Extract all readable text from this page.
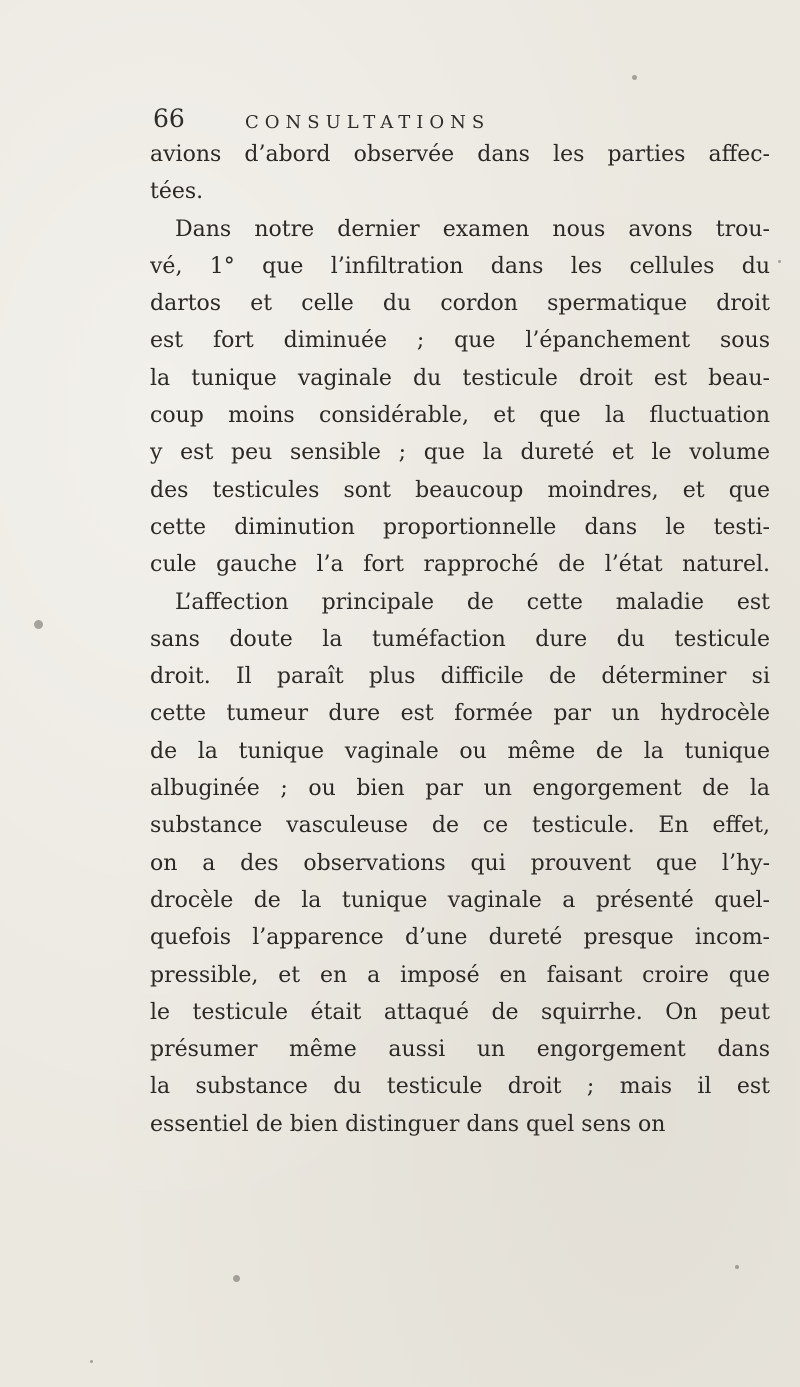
66	CONSULTATIONS
avions d’abord observée dans les parties affec-
tées.
Dans notre dernier examen nous avons trou-
vé, 1° que l’infiltration dans les cellules du
dartos et celle du cordon spermatique droit
est fort diminuée ; que l’épanchement sous
la tunique vaginale du testicule droit est beau-
coup moins considérable, et que la fluctuation
y est peu sensible ; que la dureté et le volume
des testicules sont beaucoup moindres, et que
cette diminution proportionnelle dans le testi-
cule gauche l’a fort rapproché de l’état naturel.
L’affection principale de cette maladie est
sans doute la tuméfaction dure du testicule
droit. Il paraît plus difficile de déterminer si
cette tumeur dure est formée par un hydrocèle
de la tunique vaginale ou même de la tunique
albuginée ; ou bien par un engorgement de la
substance vasculeuse de ce testicule. En effet,
on a des observations qui prouvent que l’hy-
drocèle de la tunique vaginale a présenté quel-
quefois l’apparence d’une dureté presque incom-
pressible, et en a imposé en faisant croire que
le testicule était attaqué de squirrhe. On peut
présumer même aussi un engorgement dans
la substance du testicule droit ; mais il est
essentiel de bien distinguer dans quel sens on
